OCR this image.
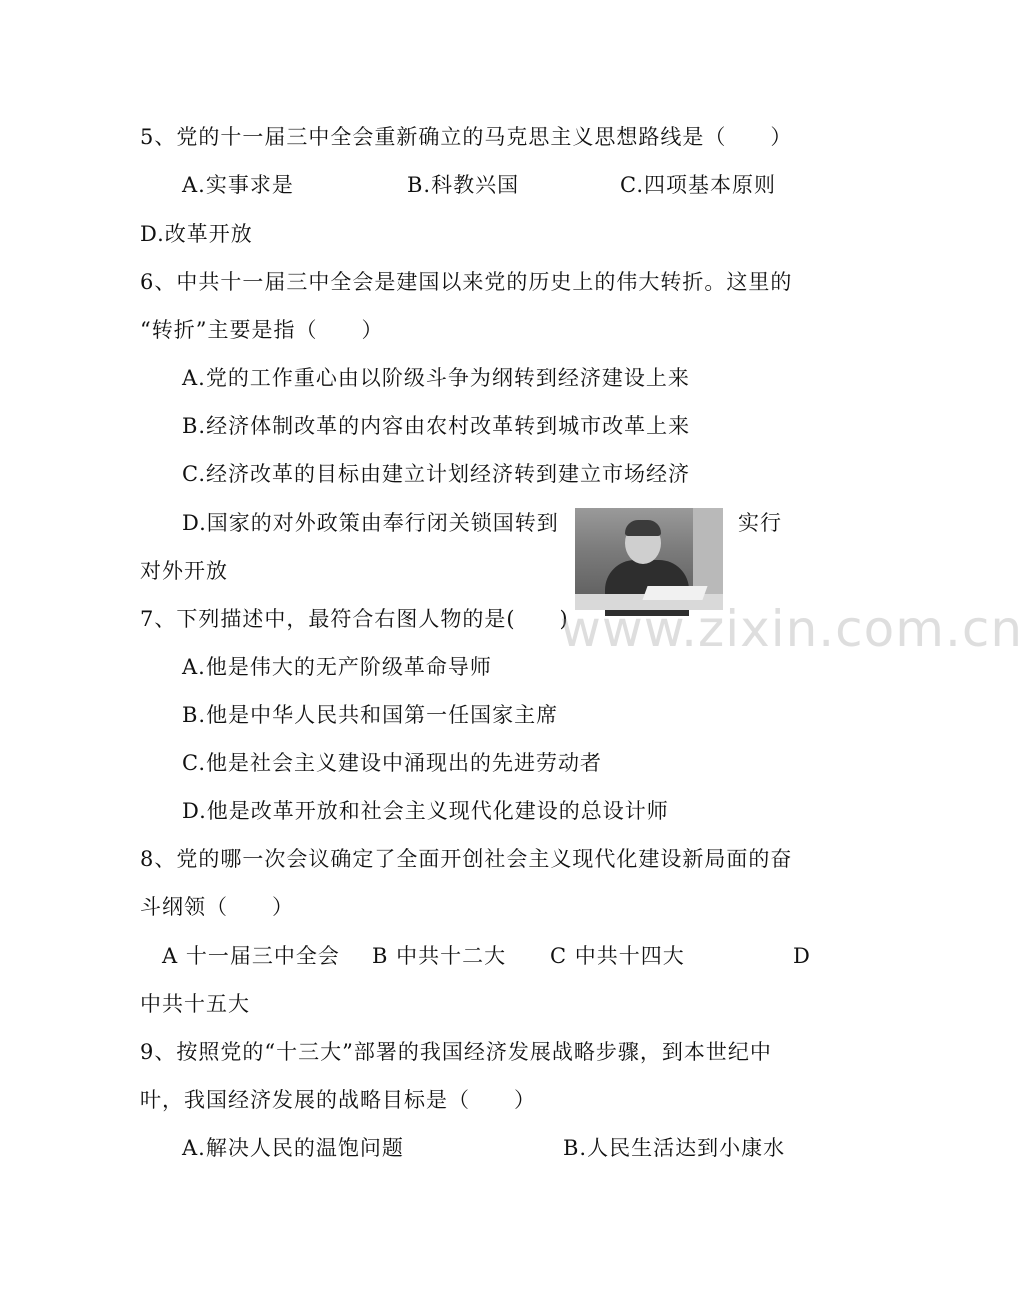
5、党的十一届三中全会重新确立的马克思主义思想路线是（　　）
A.实事求是	B.科教兴国	C.四项基本原则
D.改革开放
6、中共十一届三中全会是建国以来党的历史上的伟大转折。这里的
“转折”主要是指（　　）
A.党的工作重心由以阶级斗争为纲转到经济建设上来
B.经济体制改革的内容由农村改革转到城市改革上来
C.经济改革的目标由建立计划经济转到建立市场经济
D.国家的对外政策由奉行闭关锁国转到	实行
对外开放
7、下列描述中，最符合右图人物的是(　　)
A.他是伟大的无产阶级革命导师
B.他是中华人民共和国第一任国家主席
C.他是社会主义建设中涌现出的先进劳动者
D.他是改革开放和社会主义现代化建设的总设计师
8、党的哪一次会议确定了全面开创社会主义现代化建设新局面的奋
斗纲领（　　）
A 十一届三中全会 B 中共十二大 C 中共十四大	D
中共十五大
9、按照党的“十三大”部署的我国经济发展战略步骤，到本世纪中
叶，我国经济发展的战略目标是（　　）
A.解决人民的温饱问题	B.人民生活达到小康水
www.zixin.com.cn
